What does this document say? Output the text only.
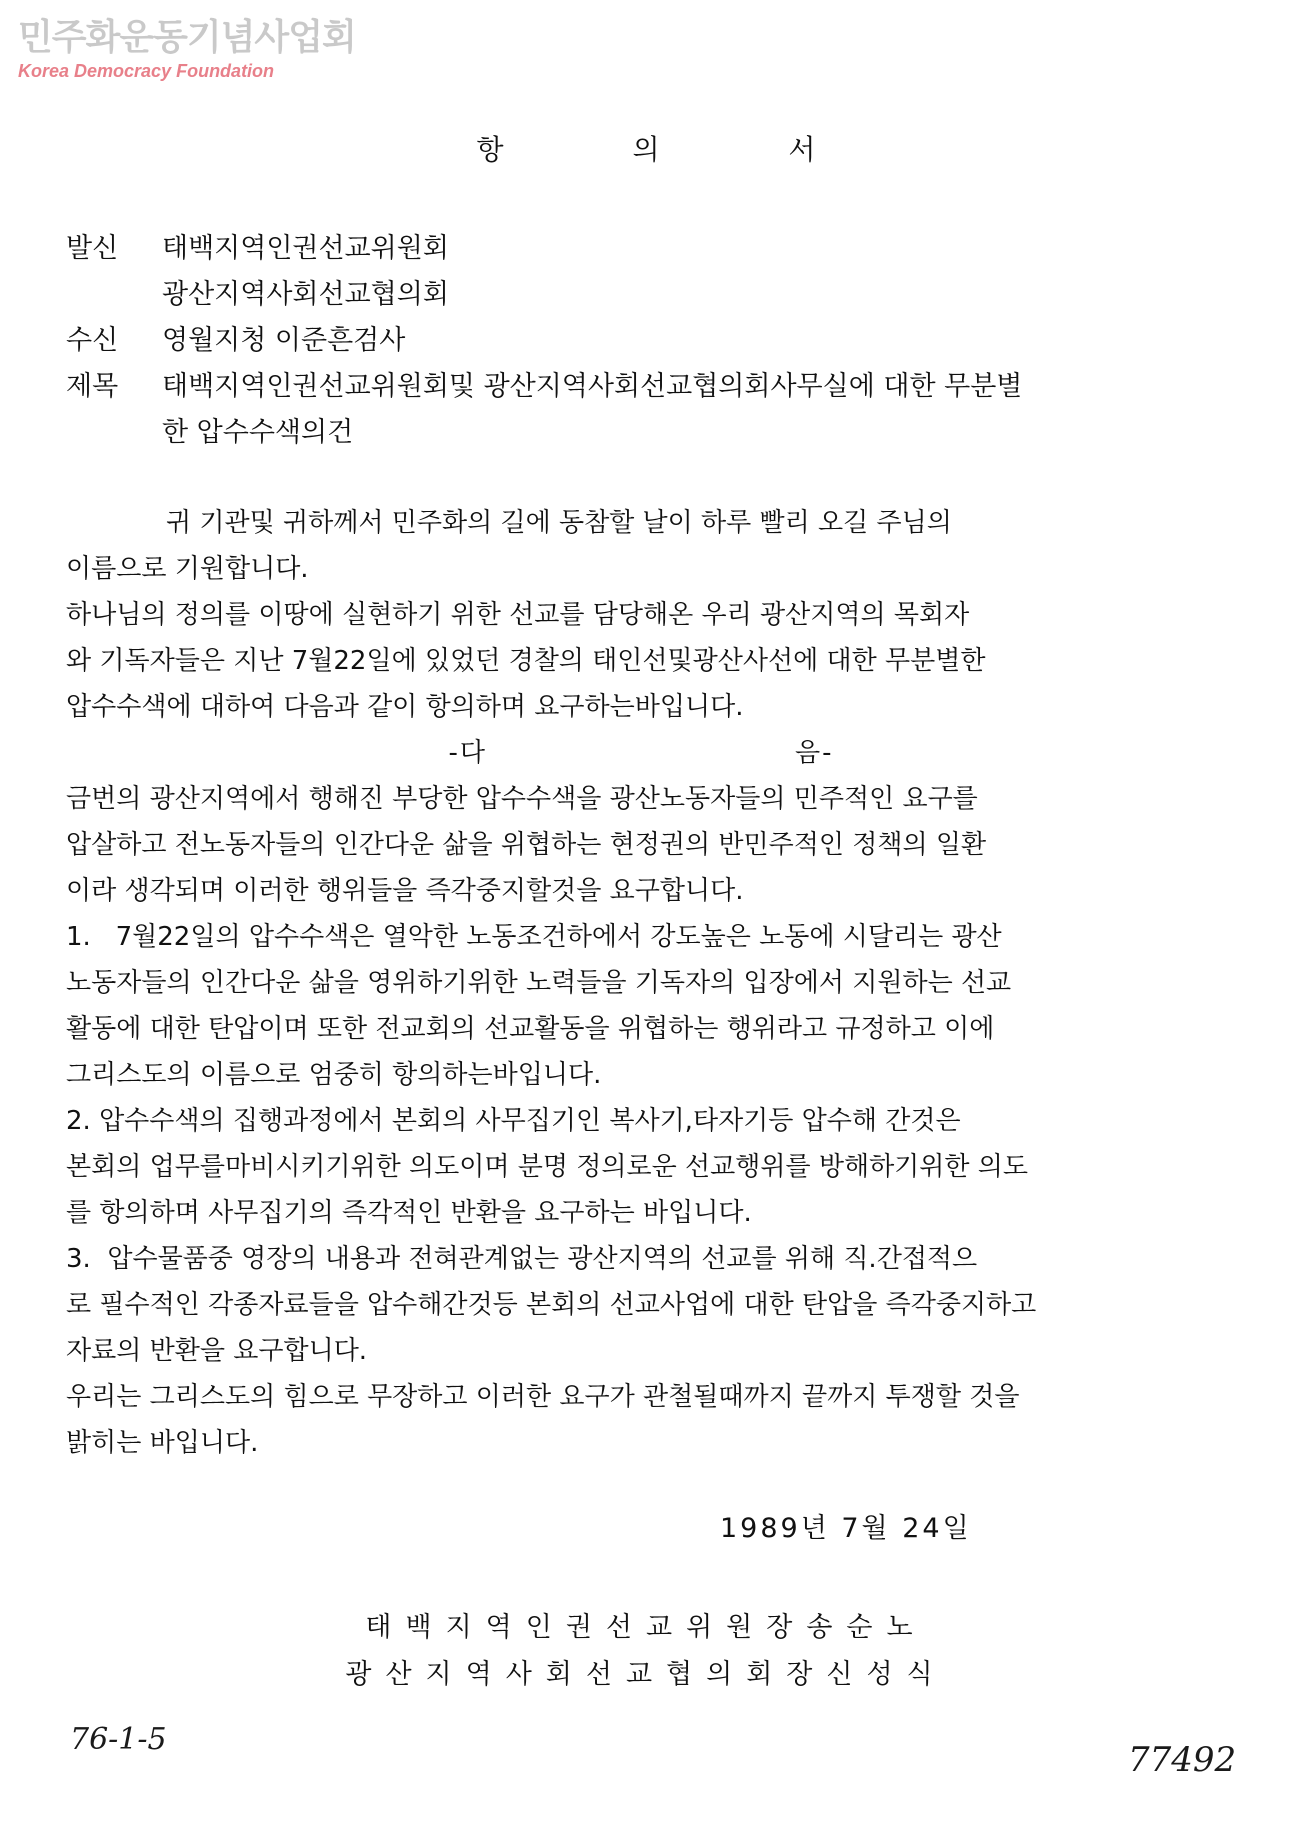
민주화운동기념사업회
Korea Democracy Foundation
항 의 서
발신	태백지역인권선교위원회
광산지역사회선교협의회
수신	영월지청 이준흔검사
제목	태백지역인권선교위원회및 광산지역사회선교협의회사무실에 대한 무분별
한 압수수색의건
귀 기관및 귀하께서 민주화의 길에 동참할 날이 하루 빨리 오길 주님의
이름으로 기원합니다.
하나님의 정의를 이땅에 실현하기 위한 선교를 담당해온 우리 광산지역의 목회자
와 기독자들은 지난 7월22일에 있었던 경찰의 태인선및광산사선에 대한 무분별한
압수수색에 대하여 다음과 같이 항의하며 요구하는바입니다.
-다                              음-
금번의 광산지역에서 행해진 부당한 압수수색을 광산노동자들의 민주적인 요구를
압살하고 전노동자들의 인간다운 삶을 위협하는 현정권의 반민주적인 정책의 일환
이라 생각되며 이러한 행위들을 즉각중지할것을 요구합니다.
1.   7월22일의 압수수색은 열악한 노동조건하에서 강도높은 노동에 시달리는 광산
노동자들의 인간다운 삶을 영위하기위한 노력들을 기독자의 입장에서 지원하는 선교
활동에 대한 탄압이며 또한 전교회의 선교활동을 위협하는 행위라고 규정하고 이에
그리스도의 이름으로 엄중히 항의하는바입니다.
2. 압수수색의 집행과정에서 본회의 사무집기인 복사기,타자기등 압수해 간것은
본회의 업무를마비시키기위한 의도이며 분명 정의로운 선교행위를 방해하기위한 의도
를 항의하며 사무집기의 즉각적인 반환을 요구하는 바입니다.
3.  압수물품중 영장의 내용과 전혀관계없는 광산지역의 선교를 위해 직.간접적으
로 필수적인 각종자료들을 압수해간것등 본회의 선교사업에 대한 탄압을 즉각중지하고
자료의 반환을 요구합니다.
우리는 그리스도의 힘으로 무장하고 이러한 요구가 관철될때까지 끝까지 투쟁할 것을
밝히는 바입니다.
1989년 7월 24일
태백지역인권선교위원장송순노
광산지역사회선교협의회장신성식
76-1-5
77492
